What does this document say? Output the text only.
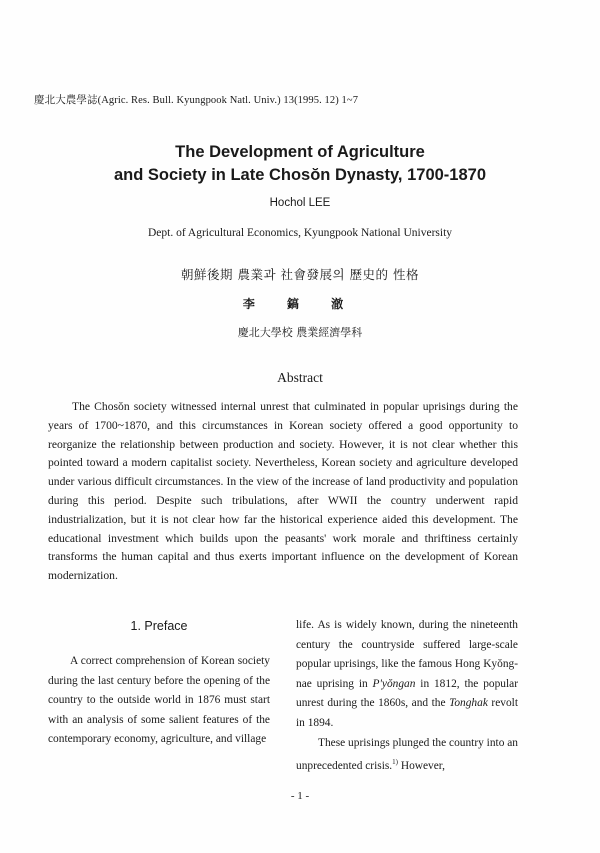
慶北大農學誌(Agric. Res. Bull. Kyungpook Natl. Univ.) 13(1995. 12) 1~7
The Development of Agriculture
and Society in Late Chosŏn Dynasty, 1700-1870
Hochol LEE
Dept. of Agricultural Economics, Kyungpook National University
朝鮮後期 農業과 社會發展의 歷史的 性格
李 鎬 澈
慶北大學校 農業經濟學科
Abstract

The Chosŏn society witnessed internal unrest that culminated in popular uprisings during the years of 1700~1870, and this circumstances in Korean society offered a good opportunity to reorganize the relationship between production and society. However, it is not clear whether this pointed toward a modern capitalist society. Nevertheless, Korean society and agriculture developed under various difficult circumstances. In the view of the increase of land productivity and population during this period. Despite such tribulations, after WWII the country underwent rapid industrialization, but it is not clear how far the historical experience aided this development. The educational investment which builds upon the peasants' work morale and thriftiness certainly transforms the human capital and thus exerts important influence on the development of Korean modernization.

1. Preface

A correct comprehension of Korean society during the last century before the opening of the country to the outside world in 1876 must start with an analysis of some salient features of the contemporary economy, agriculture, and village

life. As is widely known, during the nineteenth century the countryside suffered large-scale popular uprisings, like the famous Hong Kyŏng-nae uprising in P'yŏngan in 1812, the popular unrest during the 1860s, and the Tonghak revolt in 1894.

These uprisings plunged the country into an unprecedented crisis.$^{1)}$ However,

- 1 -
